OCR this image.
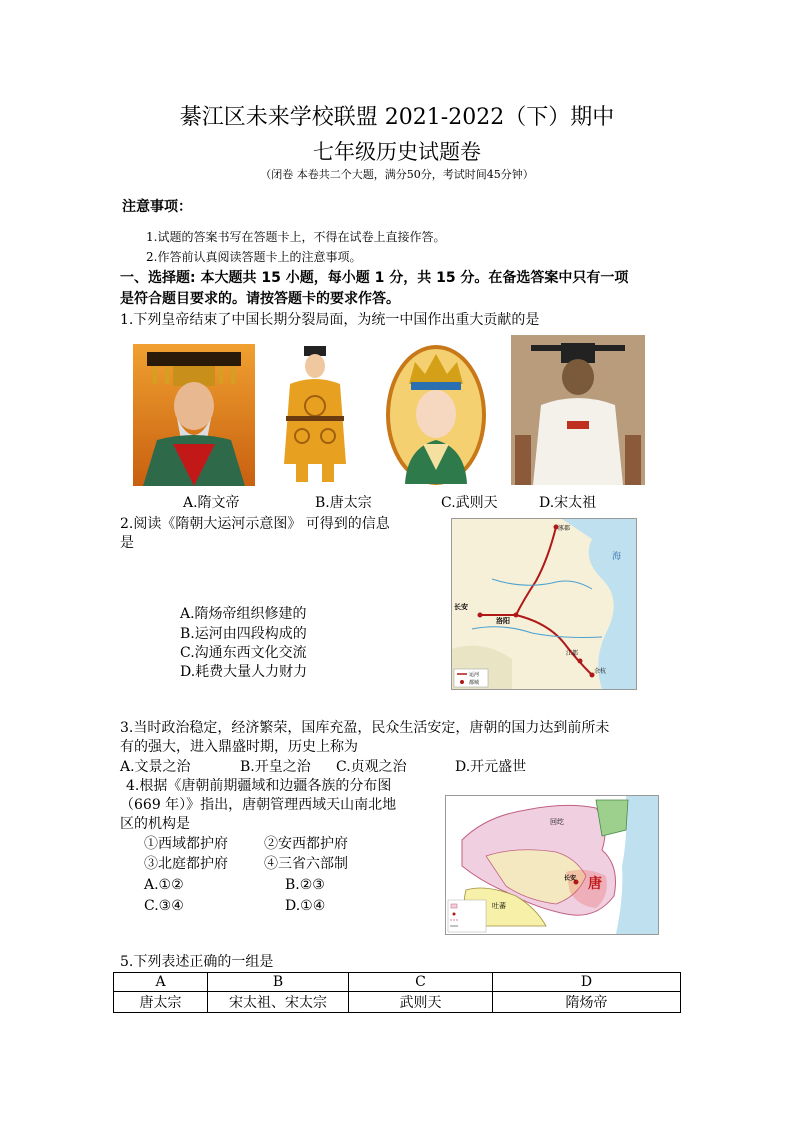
綦江区未来学校联盟 2021-2022（下）期中
七年级历史试题卷
（闭卷 本卷共二个大题，满分50分，考试时间45分钟）
注意事项：
1.试题的答案书写在答题卡上，不得在试卷上直接作答。
2.作答前认真阅读答题卡上的注意事项。
一、选择题: 本大题共 15 小题，每小题 1 分，共 15 分。在备选答案中只有一项
是符合题目要求的。请按答题卡的要求作答。
1.下列皇帝结束了中国长期分裂局面，为统一中国作出重大贡献的是
A.隋文帝	B.唐太宗	C.武则天	D.宋太祖
2.阅读《隋朝大运河示意图》 可得到的信息
是
A.隋炀帝组织修建的
B.运河由四段构成的
C.沟通东西文化交流
D.耗费大量人力财力
涿郡
长安
洛阳
江都
余杭
海
运河
都城
3.当时政治稳定，经济繁荣，国库充盈，民众生活安定，唐朝的国力达到前所未
有的强大，进入鼎盛时期，历史上称为
A.文景之治	B.开皇之治 C.贞观之治	D.开元盛世
4.根据《唐朝前期疆域和边疆各族的分布图
（669 年）》指出，唐朝管理西域天山南北地
区的机构是
①西域都护府	②安西都护府
③北庭都护府	④三省六部制
A.①②	B.②③
C.③④	D.①④
唐
长安
吐蕃
回纥
5.下列表述正确的一组是
A	B	C	D
唐太宗	宋太祖、宋太宗	武则天	隋炀帝
